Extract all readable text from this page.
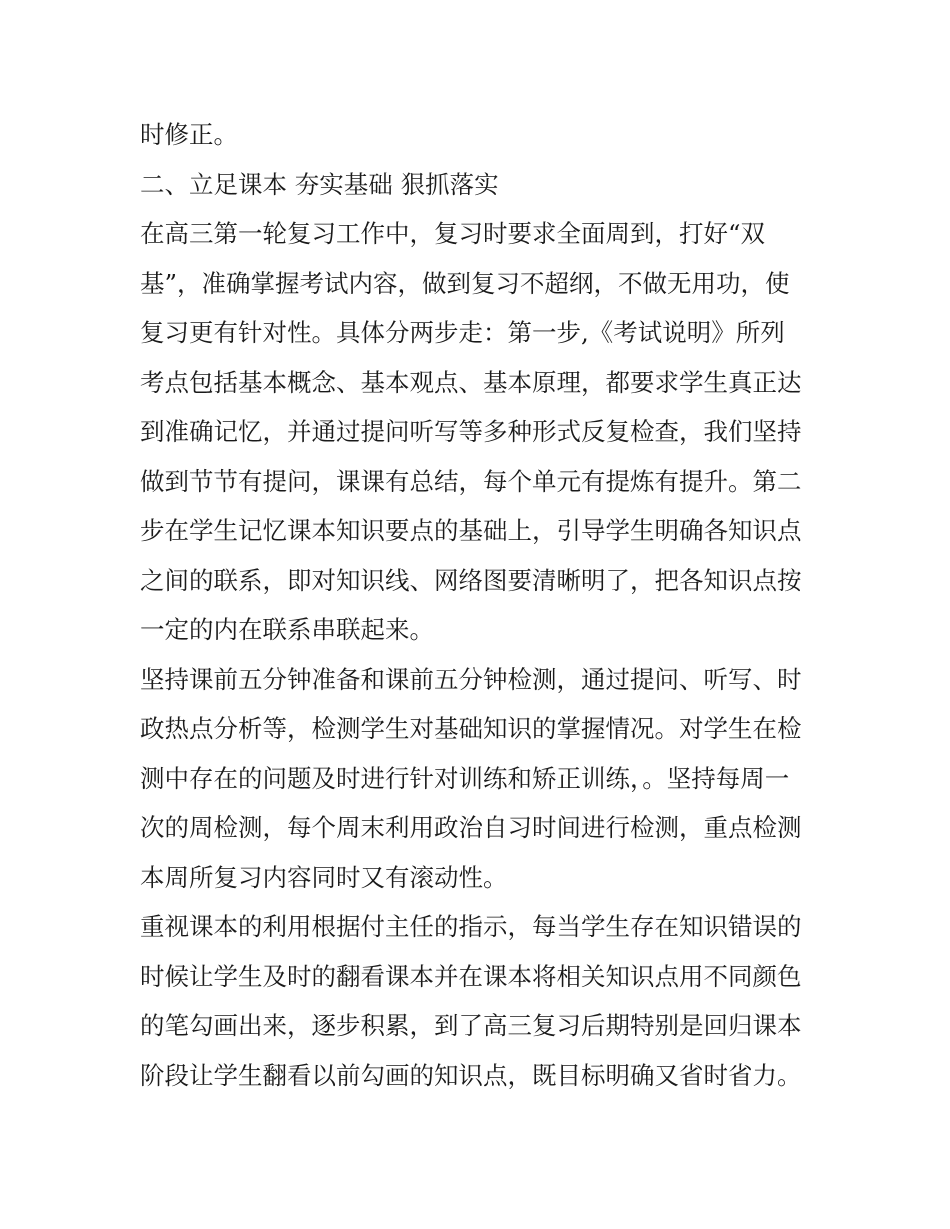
时修正。
二、立足课本 夯实基础 狠抓落实
在高三第一轮复习工作中，复习时要求全面周到，打好“双
基”，准确掌握考试内容，做到复习不超纲，不做无用功，使
复习更有针对性。具体分两步走：第一步,《考试说明》所列
考点包括基本概念、基本观点、基本原理，都要求学生真正达
到准确记忆，并通过提问听写等多种形式反复检查，我们坚持
做到节节有提问，课课有总结，每个单元有提炼有提升。第二
步在学生记忆课本知识要点的基础上，引导学生明确各知识点
之间的联系，即对知识线、网络图要清晰明了，把各知识点按
一定的内在联系串联起来。
坚持课前五分钟准备和课前五分钟检测，通过提问、听写、时
政热点分析等，检测学生对基础知识的掌握情况。对学生在检
测中存在的问题及时进行针对训练和矫正训练，。坚持每周一
次的周检测，每个周末利用政治自习时间进行检测，重点检测
本周所复习内容同时又有滚动性。
重视课本的利用根据付主任的指示，每当学生存在知识错误的
时候让学生及时的翻看课本并在课本将相关知识点用不同颜色
的笔勾画出来，逐步积累，到了高三复习后期特别是回归课本
阶段让学生翻看以前勾画的知识点，既目标明确又省时省力。
